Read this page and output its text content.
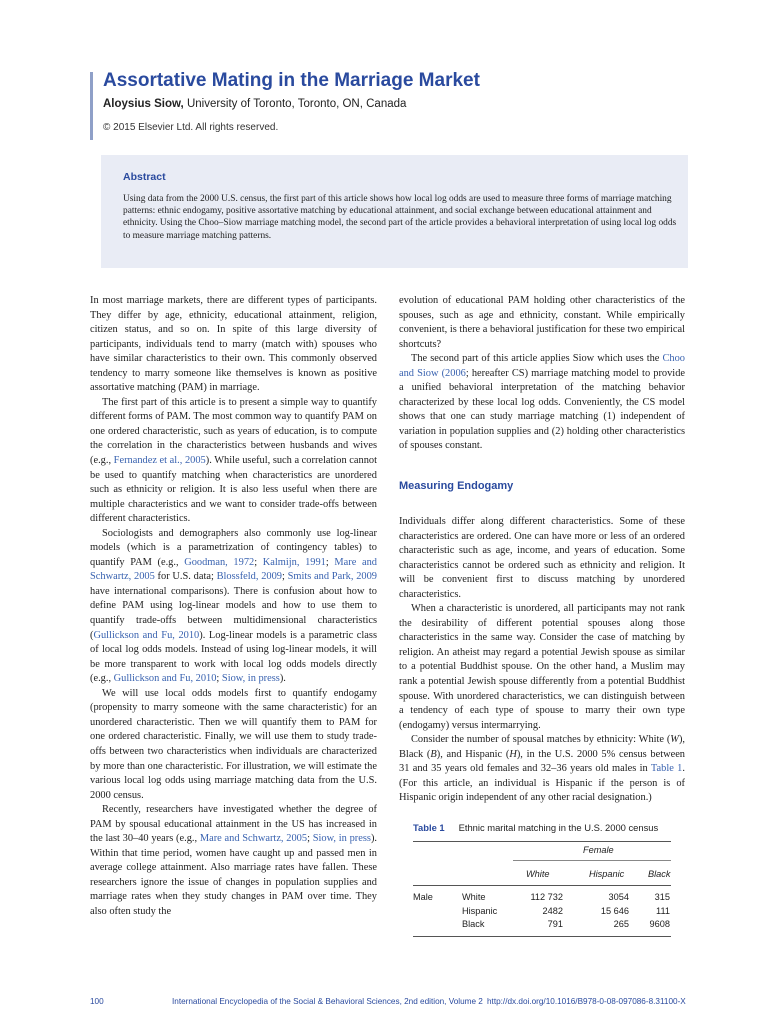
Assortative Mating in the Marriage Market
Aloysius Siow, University of Toronto, Toronto, ON, Canada
© 2015 Elsevier Ltd. All rights reserved.
Abstract
Using data from the 2000 U.S. census, the first part of this article shows how local log odds are used to measure three forms of marriage matching patterns: ethnic endogamy, positive assortative matching by educational attainment, and social exchange between educational attainment and ethnicity. Using the Choo–Siow marriage matching model, the second part of the article provides a behavioral interpretation of using local log odds to measure marriage matching patterns.

In most marriage markets, there are different types of participants. They differ by age, ethnicity, educational attainment, religion, citizen status, and so on. In spite of this large diversity of participants, individuals tend to marry (match with) spouses who have similar characteristics to their own. This commonly observed tendency to marry someone like themselves is known as positive assortative matching (PAM) in marriage.

The first part of this article is to present a simple way to quantify different forms of PAM. The most common way to quantify PAM on one ordered characteristic, such as years of education, is to compute the correlation in the characteristics between husbands and wives (e.g., Fernandez et al., 2005). While useful, such a correlation cannot be used to quantify matching when characteristics are unordered such as ethnicity or religion. It is also less useful when there are multiple characteristics and we want to consider trade-offs between different characteristics.

Sociologists and demographers also commonly use log-linear models (which is a parametrization of contingency tables) to quantify PAM (e.g., Goodman, 1972; Kalmijn, 1991; Mare and Schwartz, 2005 for U.S. data; Blossfeld, 2009; Smits and Park, 2009 have international comparisons). There is confusion about how to define PAM using log-linear models and how to use them to quantify trade-offs between multidimensional characteristics (Gullickson and Fu, 2010). Log-linear models is a parametric class of local log odds models. Instead of using log-linear models, it will be more transparent to work with local log odds models directly (e.g., Gullickson and Fu, 2010; Siow, in press).

We will use local odds models first to quantify endogamy (propensity to marry someone with the same characteristic) for an unordered characteristic. Then we will quantify them to PAM for one ordered characteristic. Finally, we will use them to study trade-offs between two characteristics when individuals are characterized by more than one characteristic. For illustration, we will estimate the various local log odds using marriage matching data from the U.S. 2000 census.

Recently, researchers have investigated whether the degree of PAM by spousal educational attainment in the US has increased in the last 30–40 years (e.g., Mare and Schwartz, 2005; Siow, in press). Within that time period, women have caught up and passed men in average college attainment. Also marriage rates have fallen. These researchers ignore the issue of changes in population supplies and marriage rates when they study changes in PAM over time. They also often study the

evolution of educational PAM holding other characteristics of the spouses, such as age and ethnicity, constant. While empirically convenient, is there a behavioral justification for these two empirical shortcuts?

The second part of this article applies Siow which uses the Choo and Siow (2006; hereafter CS) marriage matching model to provide a unified behavioral interpretation of the matching behavior characterized by these local log odds. Conveniently, the CS model shows that one can study marriage matching (1) independent of variation in population supplies and (2) holding other characteristics of spouses constant.

Measuring Endogamy

Individuals differ along different characteristics. Some of these characteristics are ordered. One can have more or less of an ordered characteristic such as age, income, and years of education. Some characteristics cannot be ordered such as ethnicity and religion. It will be convenient first to discuss matching by unordered characteristics.

When a characteristic is unordered, all participants may not rank the desirability of different potential spouses along those characteristics in the same way. Consider the case of matching by religion. An atheist may regard a potential Jewish spouse as similar to a potential Buddhist spouse. On the other hand, a Muslim may rank a potential Jewish spouse differently from a potential Buddhist spouse. With unordered characteristics, we can distinguish between a tendency of each type of spouse to marry their own type (endogamy) versus intermarrying.

Consider the number of spousal matches by ethnicity: White (W), Black (B), and Hispanic (H), in the U.S. 2000 5% census between 31 and 35 years old females and 32–36 years old males in Table 1. (For this article, an individual is Hispanic if the person is of Hispanic origin independent of any other racial designation.)

Table 1 Ethnic marital matching in the U.S. 2000 census
Female
White	Hispanic	Black
Male	White	112 732	3054	315
Hispanic	2482	15 646	111
Black	791	265	9608
100	International Encyclopedia of the Social & Behavioral Sciences, 2nd edition, Volume 2 http://dx.doi.org/10.1016/B978-0-08-097086-8.31100-X
